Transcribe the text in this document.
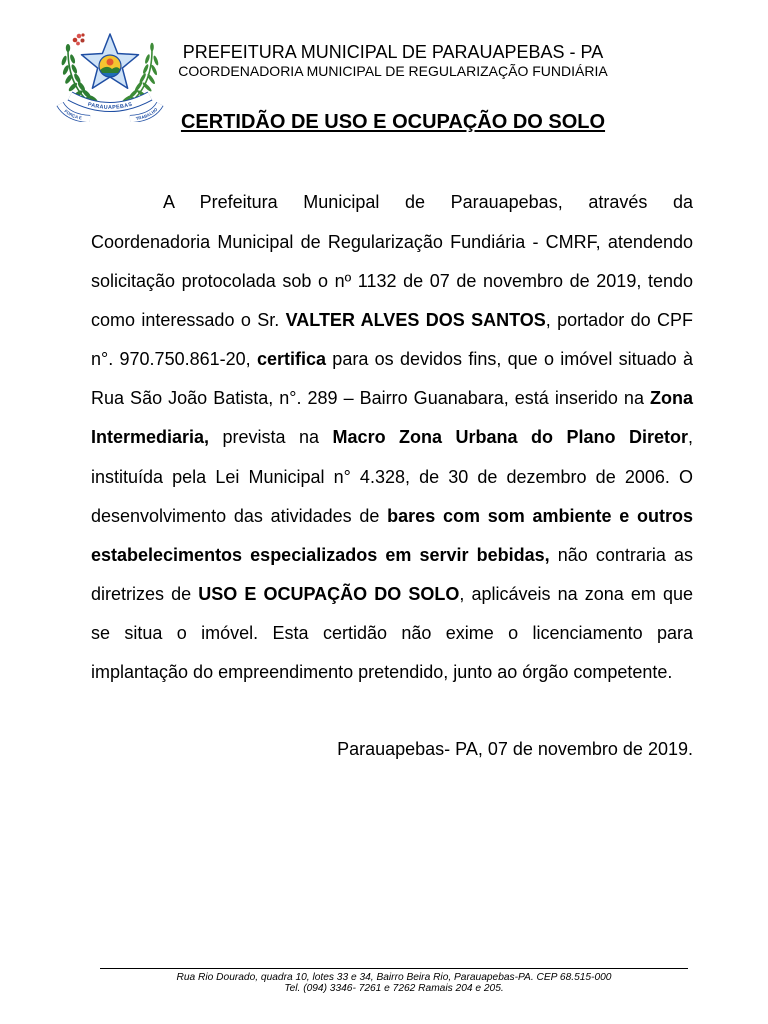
FORÇA E	TRABALHO
PARAUAPEBAS
PREFEITURA MUNICIPAL DE PARAUAPEBAS - PA
COORDENADORIA MUNICIPAL DE REGULARIZAÇÃO FUNDIÁRIA
CERTIDÃO DE USO E OCUPAÇÃO DO SOLO
A Prefeitura Municipal de Parauapebas, através da
Coordenadoria Municipal de Regularização Fundiária - CMRF, atendendo
solicitação protocolada sob o nº 1132 de 07 de novembro de 2019, tendo
como interessado o Sr. VALTER ALVES DOS SANTOS, portador do CPF
n°. 970.750.861-20, certifica para os devidos fins, que o imóvel situado à
Rua São João Batista, n°. 289 – Bairro Guanabara, está inserido na Zona
Intermediaria, prevista na Macro Zona Urbana do Plano Diretor,
instituída pela Lei Municipal n° 4.328, de 30 de dezembro de 2006. O
desenvolvimento das atividades de bares com som ambiente e outros
estabelecimentos especializados em servir bebidas, não contraria as
diretrizes de USO E OCUPAÇÃO DO SOLO, aplicáveis na zona em que
se situa o imóvel. Esta certidão não exime o licenciamento para
implantação do empreendimento pretendido, junto ao órgão competente.
Parauapebas- PA, 07 de novembro de 2019.
Rua Rio Dourado, quadra 10, lotes 33 e 34, Bairro Beira Rio, Parauapebas-PA. CEP 68.515-000
Tel. (094) 3346- 7261 e 7262 Ramais 204 e 205.
